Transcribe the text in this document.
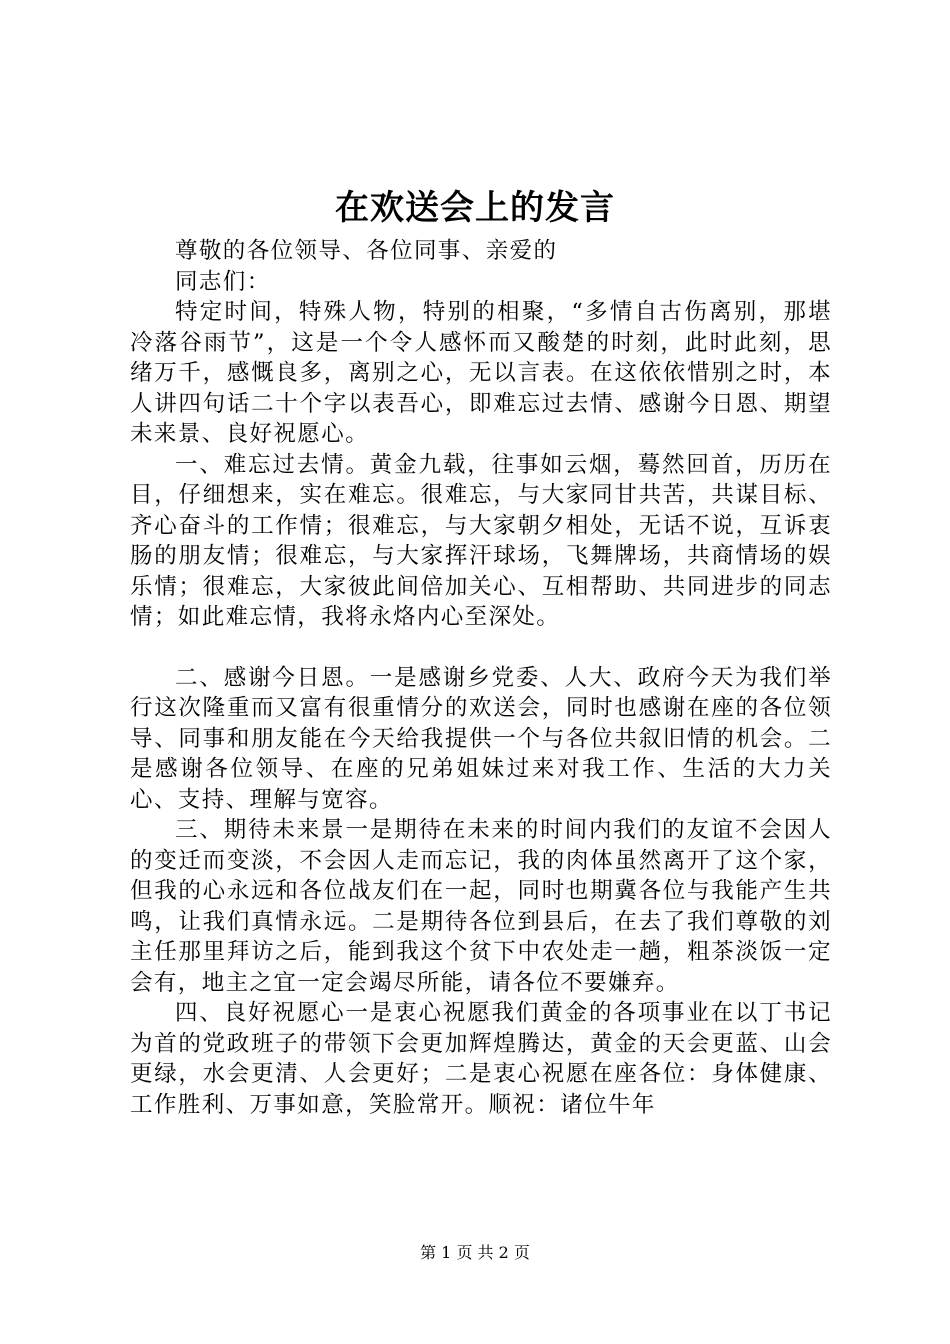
在欢送会上的发言

尊敬的各位领导、各位同事、亲爱的

同志们：

特定时间，特殊人物，特别的相聚，“多情自古伤离别，那堪冷落谷雨节”，这是一个令人感怀而又酸楚的时刻，此时此刻，思绪万千，感慨良多，离别之心，无以言表。在这依依惜别之时，本人讲四句话二十个字以表吾心，即难忘过去情、感谢今日恩、期望未来景、良好祝愿心。

一、难忘过去情。黄金九载，往事如云烟，蓦然回首，历历在目，仔细想来，实在难忘。很难忘，与大家同甘共苦，共谋目标、齐心奋斗的工作情；很难忘，与大家朝夕相处，无话不说，互诉衷肠的朋友情；很难忘，与大家挥汗球场，飞舞牌场，共商情场的娱乐情；很难忘，大家彼此间倍加关心、互相帮助、共同进步的同志情；如此难忘情，我将永烙内心至深处。

二、感谢今日恩。一是感谢乡党委、人大、政府今天为我们举行这次隆重而又富有很重情分的欢送会，同时也感谢在座的各位领导、同事和朋友能在今天给我提供一个与各位共叙旧情的机会。二是感谢各位领导、在座的兄弟姐妹过来对我工作、生活的大力关心、支持、理解与宽容。

三、期待未来景一是期待在未来的时间内我们的友谊不会因人的变迁而变淡，不会因人走而忘记，我的肉体虽然离开了这个家，但我的心永远和各位战友们在一起，同时也期冀各位与我能产生共鸣，让我们真情永远。二是期待各位到县后，在去了我们尊敬的刘主任那里拜访之后，能到我这个贫下中农处走一趟，粗茶淡饭一定会有，地主之宜一定会竭尽所能，请各位不要嫌弃。

四、良好祝愿心一是衷心祝愿我们黄金的各项事业在以丁书记为首的党政班子的带领下会更加辉煌腾达，黄金的天会更蓝、山会更绿，水会更清、人会更好；二是衷心祝愿在座各位：身体健康、工作胜利、万事如意，笑脸常开。顺祝：诸位牛年

第 1 页 共 2 页
